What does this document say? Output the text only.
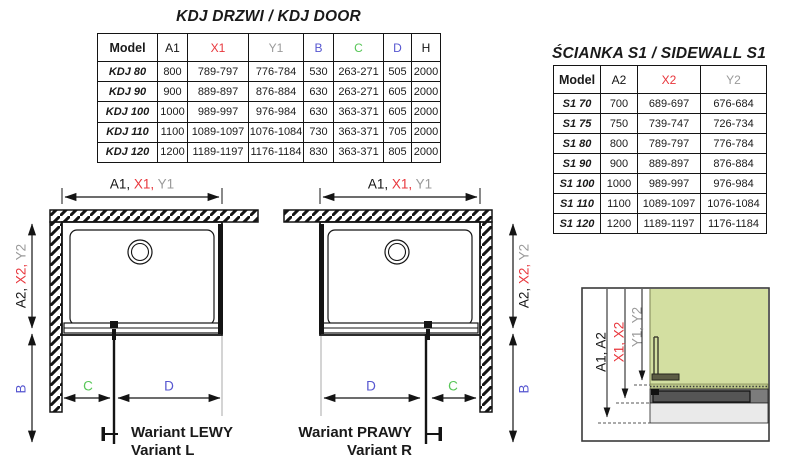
KDJ DRZWI / KDJ DOOR
Model	A1	X1	Y1	B	C	D	H
KDJ 80	800	789-797	776-784	530	263-271	505	2000
KDJ 90	900	889-897	876-884	630	263-271	605	2000
KDJ 100	1000	989-997	976-984	630	363-371	605	2000
KDJ 110	1100	1089-1097	1076-1084	730	363-371	705	2000
KDJ 120	1200	1189-1197	1176-1184	830	363-371	805	2000
ŚCIANKA S1 / SIDEWALL S1
Model	A2	X2	Y2
S1 70	700	689-697	676-684
S1 75	750	739-747	726-734
S1 80	800	789-797	776-784
S1 90	900	889-897	876-884
S1 100	1000	989-997	976-984
S1 110	1100	1089-1097	1076-1084
S1 120	1200	1189-1197	1176-1184
A1, X1, Y1
A2, X2, Y2
B	C	D
Wariant LEWY
Variant L
A1, X1, Y1
A2, X2, Y2
B
D	C
Wariant PRAWY
Variant R
A1, A2 X1, X2 Y1, Y2
